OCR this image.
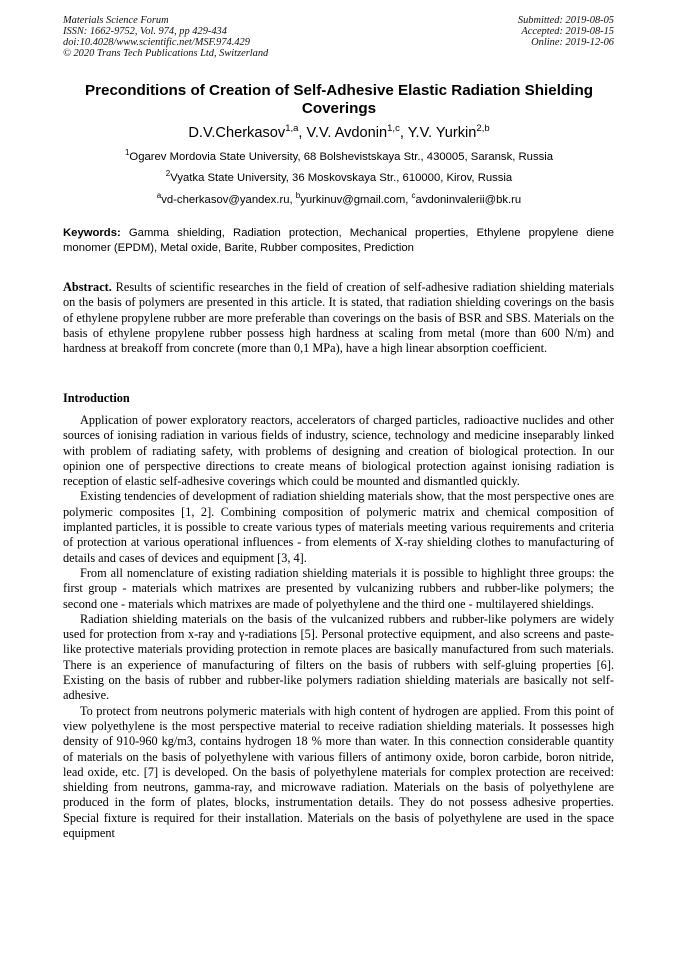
Materials Science Forum
ISSN: 1662-9752, Vol. 974, pp 429-434
doi:10.4028/www.scientific.net/MSF.974.429
© 2020 Trans Tech Publications Ltd, Switzerland
Submitted: 2019-08-05
Accepted: 2019-08-15
Online: 2019-12-06
Preconditions of Creation of Self-Adhesive Elastic Radiation Shielding Coverings
D.V.Cherkasov$^{1,a}$, V.V. Avdonin$^{1,c}$, Y.V. Yurkin$^{2,b}$
$^1$Ogarev Mordovia State University, 68 Bolshevistskaya Str., 430005, Saransk, Russia
$^2$Vyatka State University, 36 Moskovskaya Str., 610000, Kirov, Russia
$^a$vd-cherkasov@yandex.ru, $^b$yurkinuv@gmail.com, $^c$avdoninvalerii@bk.ru
Keywords: Gamma shielding, Radiation protection, Mechanical properties, Ethylene propylene diene monomer (EPDM), Metal oxide, Barite, Rubber composites, Prediction
Abstract. Results of scientific researches in the field of creation of self-adhesive radiation shielding materials on the basis of polymers are presented in this article. It is stated, that radiation shielding coverings on the basis of ethylene propylene rubber are more preferable than coverings on the basis of BSR and SBS. Materials on the basis of ethylene propylene rubber possess high hardness at scaling from metal (more than 600 N/m) and hardness at breakoff from concrete (more than 0,1 MPa), have a high linear absorption coefficient.
Introduction

Application of power exploratory reactors, accelerators of charged particles, radioactive nuclides and other sources of ionising radiation in various fields of industry, science, technology and medicine inseparably linked with problem of radiating safety, with problems of designing and creation of biological protection. In our opinion one of perspective directions to create means of biological protection against ionising radiation is reception of elastic self-adhesive coverings which could be mounted and dismantled quickly.

Existing tendencies of development of radiation shielding materials show, that the most perspective ones are polymeric composites [1, 2]. Combining composition of polymeric matrix and chemical composition of implanted particles, it is possible to create various types of materials meeting various requirements and criteria of protection at various operational influences - from elements of X-ray shielding clothes to manufacturing of details and cases of devices and equipment [3, 4].

From all nomenclature of existing radiation shielding materials it is possible to highlight three groups: the first group - materials which matrixes are presented by vulcanizing rubbers and rubber-like polymers; the second one - materials which matrixes are made of polyethylene and the third one - multilayered shieldings.

Radiation shielding materials on the basis of the vulcanized rubbers and rubber-like polymers are widely used for protection from x-ray and γ-radiations [5]. Personal protective equipment, and also screens and paste-like protective materials providing protection in remote places are basically manufactured from such materials. There is an experience of manufacturing of filters on the basis of rubbers with self-gluing properties [6]. Existing on the basis of rubber and rubber-like polymers radiation shielding materials are basically not self-adhesive.

To protect from neutrons polymeric materials with high content of hydrogen are applied. From this point of view polyethylene is the most perspective material to receive radiation shielding materials. It possesses high density of 910-960 kg/m3, contains hydrogen 18 % more than water. In this connection considerable quantity of materials on the basis of polyethylene with various fillers of antimony oxide, boron carbide, boron nitride, lead oxide, etc. [7] is developed. On the basis of polyethylene materials for complex protection are received: shielding from neutrons, gamma-ray, and microwave radiation. Materials on the basis of polyethylene are produced in the form of plates, blocks, instrumentation details. They do not possess adhesive properties. Special fixture is required for their installation. Materials on the basis of polyethylene are used in the space equipment
